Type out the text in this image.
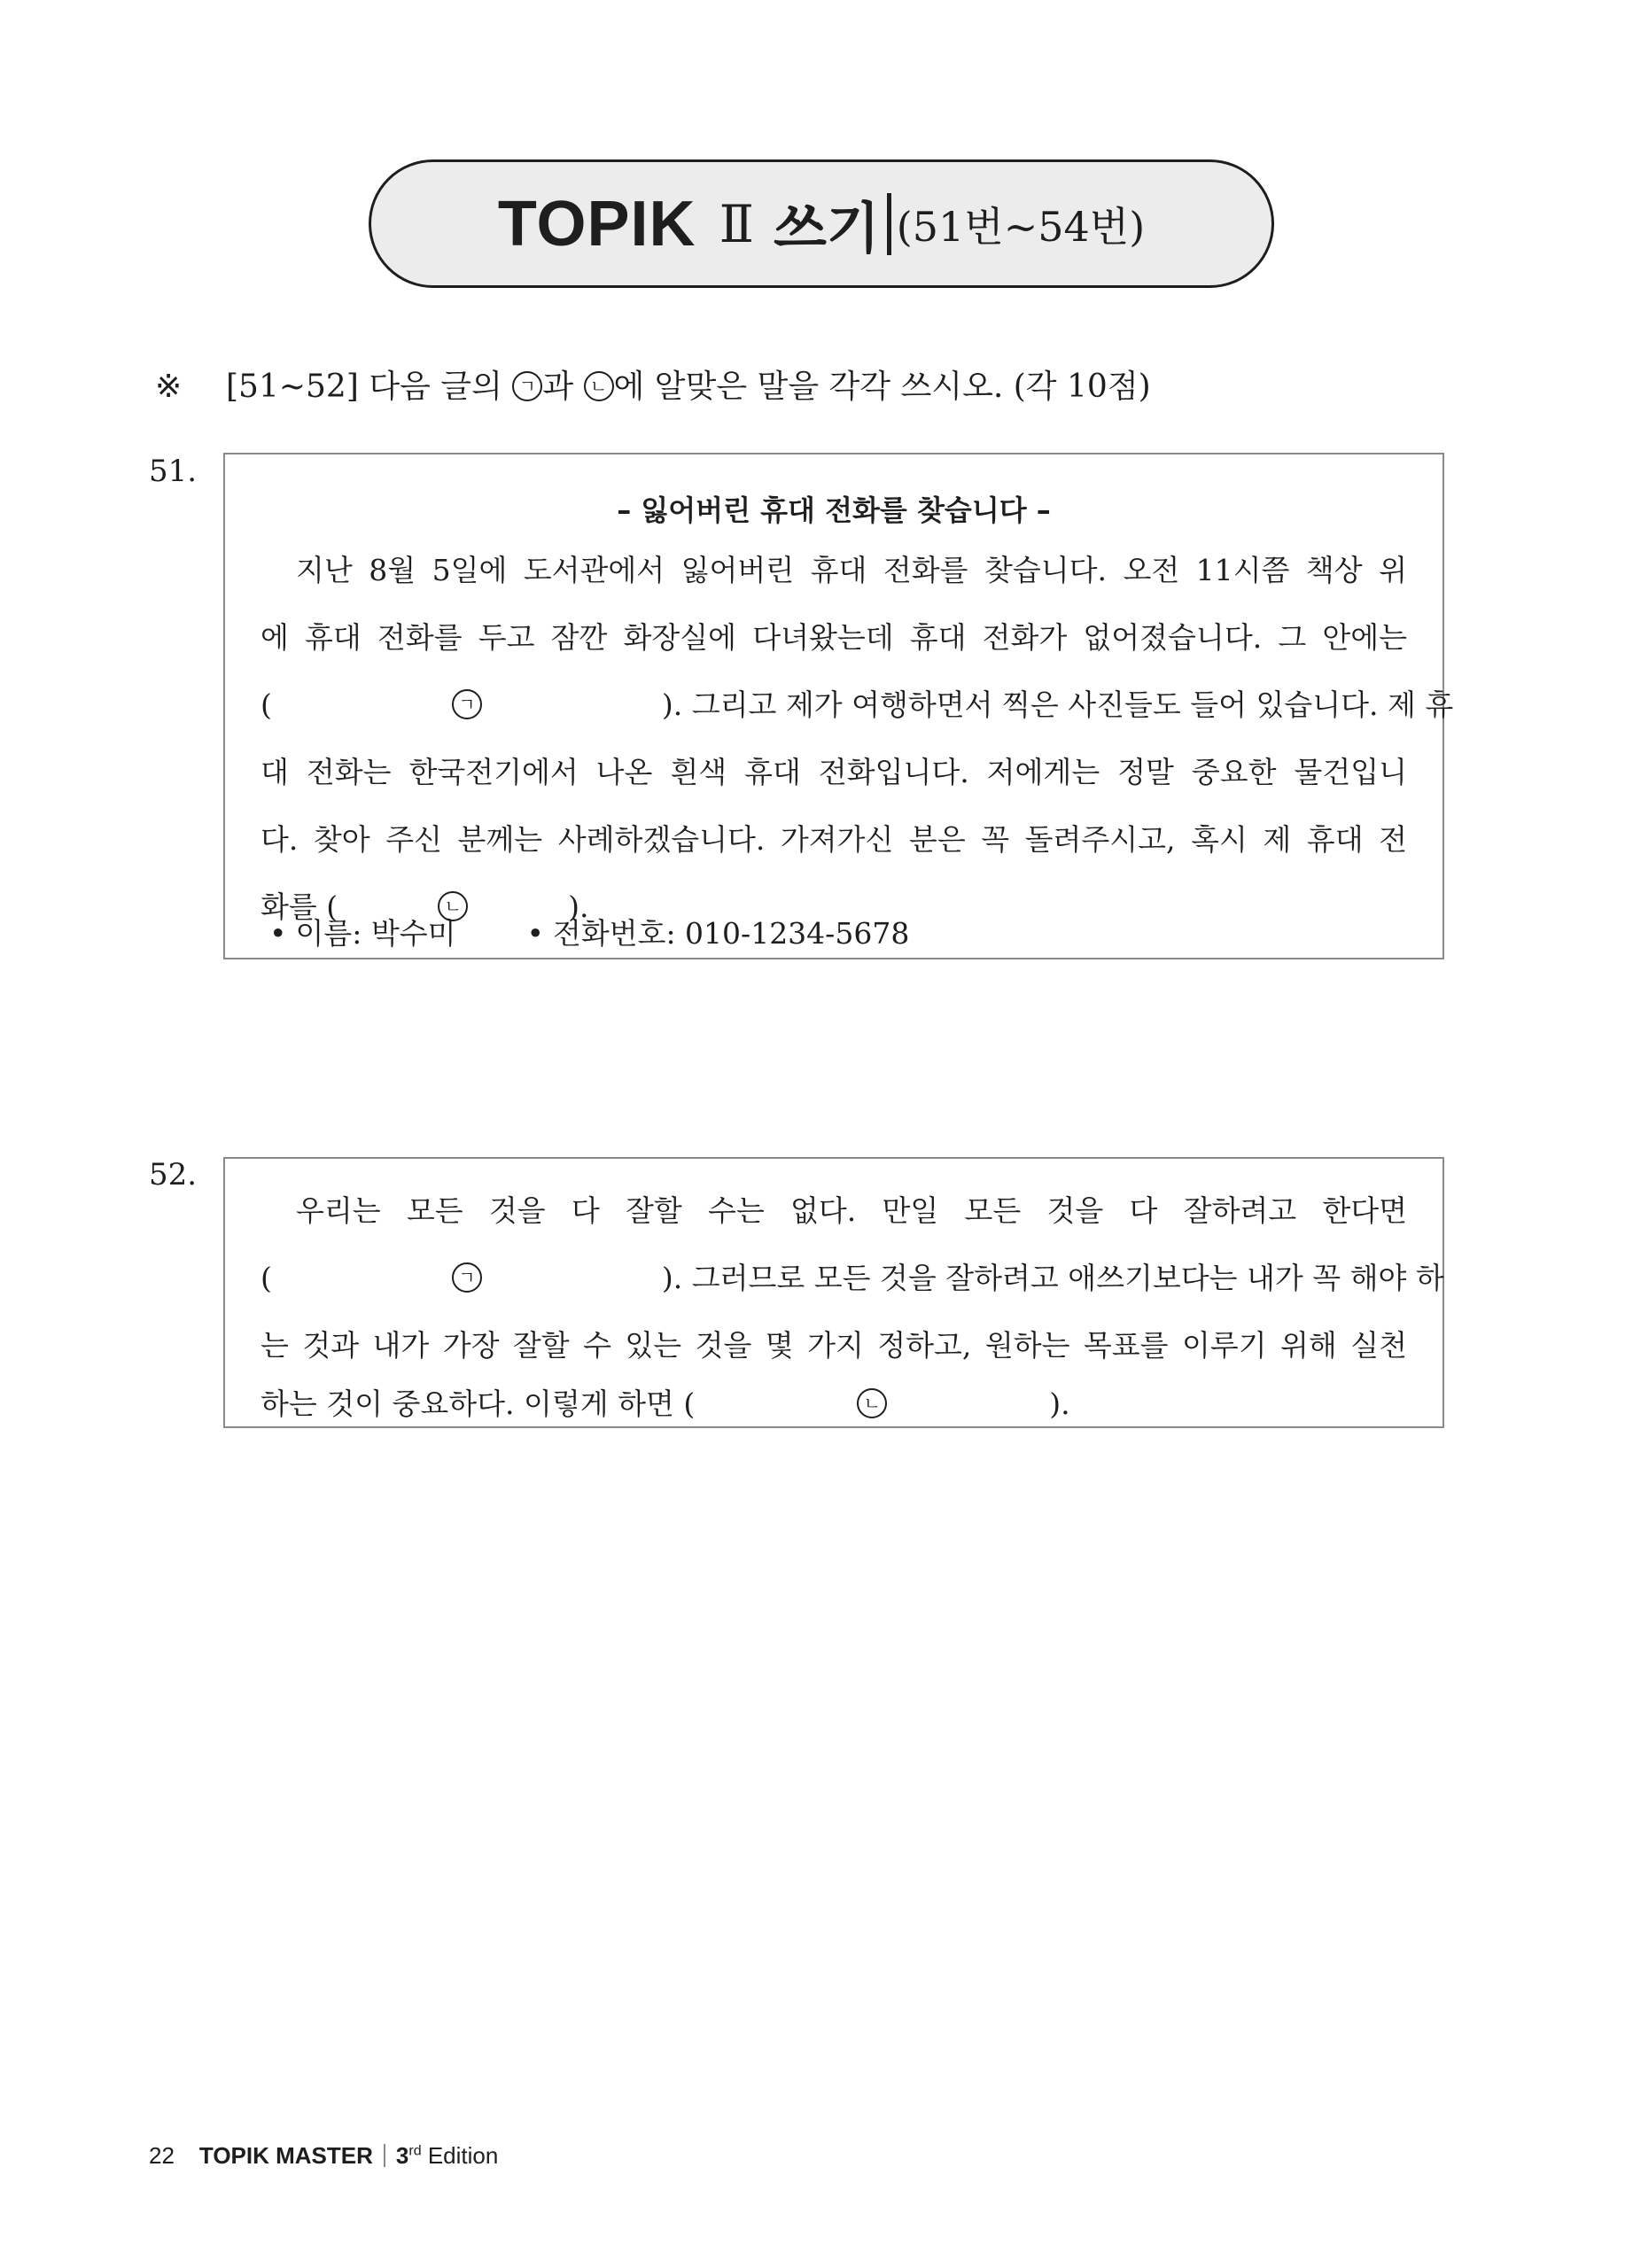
TOPIK Ⅱ 쓰기 (51번~54번)
※ [51~52] 다음 글의 ㄱ 과 ㄴ 에 알맞은 말을 각각 쓰시오. (각 10점)
51.
– 잃어버린 휴대 전화를 찾습니다 –
지난 8월 5일에 도서관에서 잃어버린 휴대 전화를 찾습니다. 오전 11시쯤 책상 위
에 휴대 전화를 두고 잠깐 화장실에 다녀왔는데 휴대 전화가 없어졌습니다. 그 안에는
(	ㄱ	). 그리고 제가 여행하면서 찍은 사진들도 들어 있습니다. 제 휴
대 전화는 한국전기에서 나온 흰색 휴대 전화입니다. 저에게는 정말 중요한 물건입니
다. 찾아 주신 분께는 사례하겠습니다. 가져가신 분은 꼭 돌려주시고, 혹시 제 휴대 전
화를 (	ㄴ	).
• 이름: 박수미 • 전화번호: 010-1234-5678
52.
우리는 모든 것을 다 잘할 수는 없다. 만일 모든 것을 다 잘하려고 한다면
(	ㄱ	). 그러므로 모든 것을 잘하려고 애쓰기보다는 내가 꼭 해야 하
는 것과 내가 가장 잘할 수 있는 것을 몇 가지 정하고, 원하는 목표를 이루기 위해 실천
하는 것이 중요하다. 이렇게 하면 (	ㄴ	).
22 TOPIK MASTER 3rd Edition
